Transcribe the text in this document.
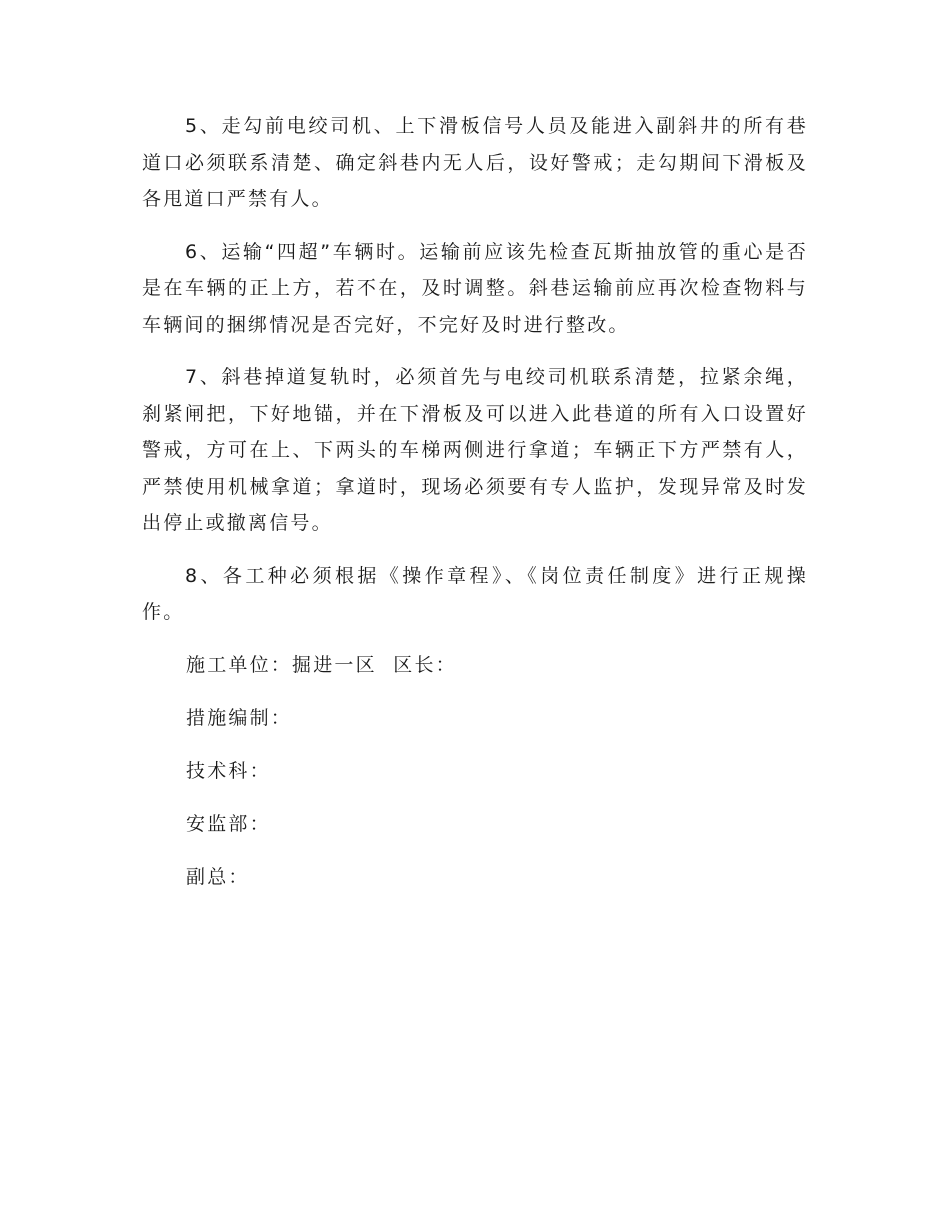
5、走勾前电绞司机、上下滑板信号人员及能进入副斜井的所有巷道口必须联系清楚、确定斜巷内无人后，设好警戒；走勾期间下滑板及各甩道口严禁有人。

6、运输“四超”车辆时。运输前应该先检查瓦斯抽放管的重心是否是在车辆的正上方，若不在，及时调整。斜巷运输前应再次检查物料与车辆间的捆绑情况是否完好，不完好及时进行整改。

7、斜巷掉道复轨时，必须首先与电绞司机联系清楚，拉紧余绳，刹紧闸把，下好地锚，并在下滑板及可以进入此巷道的所有入口设置好警戒，方可在上、下两头的车梯两侧进行拿道；车辆正下方严禁有人，严禁使用机械拿道；拿道时，现场必须要有专人监护，发现异常及时发出停止或撤离信号。

8、各工种必须根据《操作章程》、《岗位责任制度》进行正规操作。

施工单位：掘进一区  区长：

措施编制：

技术科：

安监部：

副总：
